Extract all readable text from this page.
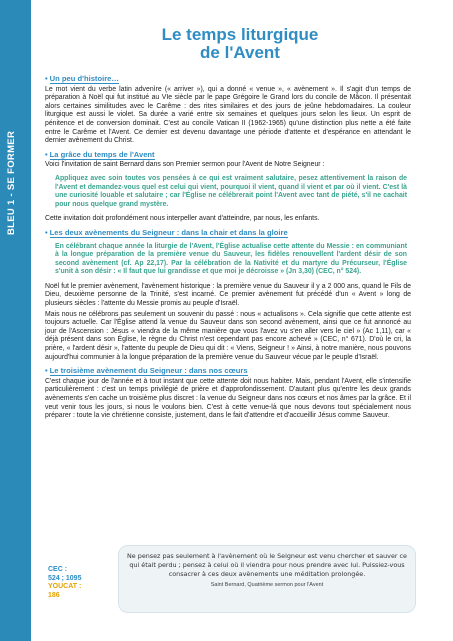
BLEU 1 - SE FORMER
68
Le temps liturgique
de l'Avent
• Un peu d'histoire…

Le mot vient du verbe latin advenìre (« arriver »), qui a donné « venue », « avènement ». Il s'agit d'un temps de préparation à Noël qui fut institué au VIe siècle par le pape Grégoire le Grand lors du concile de Mâcon. Il présentait alors certaines similitudes avec le Carême : des rites similaires et des jours de jeûne hebdomadaires. La couleur liturgique est aussi le violet. Sa durée a varié entre six semaines et quelques jours selon les lieux. Un esprit de pénitence et de conversion dominait. C'est au concile Vatican II (1962-1965) qu'une distinction plus nette a été faite entre le Carême et l'Avent. Ce dernier est devenu davantage une période d'attente et d'espérance en attendant le dernier avènement du Christ.

• La grâce du temps de l'Avent

Voici l'invitation de saint Bernard dans son Premier sermon pour l'Avent de Notre Seigneur :

Appliquez avec soin toutes vos pensées à ce qui est vraiment salutaire, pesez attentivement la raison de l'Avent et demandez-vous quel est celui qui vient, pourquoi il vient, quand il vient et par où il vient. C'est là une curiosité louable et salutaire ; car l'Église ne célébrerait point l'Avent avec tant de piété, s'il ne cachait pour nous quelque grand mystère.

Cette invitation doit profondément nous interpeller avant d'atteindre, par nous, les enfants.

• Les deux avènements du Seigneur : dans la chair et dans la gloire
En célébrant chaque année la liturgie de l'Avent, l'Église actualise cette attente du Messie : en communiant à la longue préparation de la première venue du Sauveur, les fidèles renouvellent l'ardent désir de son second avènement (cf. Ap 22,17). Par la célébration de la Nativité et du martyre du Précurseur, l'Église s'unit à son désir : « Il faut que lui grandisse et que moi je décroisse » (Jn 3,30) (CEC, n° 524).

Noël fut le premier avènement, l'avènement historique : la première venue du Sauveur il y a 2 000 ans, quand le Fils de Dieu, deuxième personne de la Trinité, s'est incarné. Ce premier avènement fut précédé d'un « Avent » long de plusieurs siècles : l'attente du Messie promis au peuple d'Israël.

Mais nous ne célébrons pas seulement un souvenir du passé : nous « actualisons ». Cela signifie que cette attente est toujours actuelle. Car l'Église attend la venue du Sauveur dans son second avènement, ainsi que ce fut annoncé au jour de l'Ascension : Jésus « viendra de la même manière que vous l'avez vu s'en aller vers le ciel » (Ac 1,11), car « déjà présent dans son Église, le règne du Christ n'est cependant pas encore achevé » (CEC, n° 671). D'où le cri, la prière, « l'ardent désir », l'attente du peuple de Dieu qui dit : « Viens, Seigneur ! » Ainsi, à notre manière, nous pouvons aujourd'hui communier à la longue préparation de la première venue du Sauveur vécue par le peuple d'Israël.

• Le troisième avènement du Seigneur : dans nos cœurs

C'est chaque jour de l'année et à tout instant que cette attente doit nous habiter. Mais, pendant l'Avent, elle s'intensifie particulièrement : c'est un temps privilégié de prière et d'approfondissement. D'autant plus qu'entre les deux grands avènements s'en cache un troisième plus discret : la venue du Seigneur dans nos cœurs et nos âmes par la grâce. Et il veut venir tous les jours, si nous le voulons bien. C'est à cette venue-là que nous devons tout spécialement nous préparer : toute la vie chrétienne consiste, justement, dans le fait d'attendre et d'accueillir Jésus comme Sauveur.

CEC :
524 ; 1095
YOUCAT :
186
Ne pensez pas seulement à l'avènement où le Seigneur est venu chercher et sauver ce qui était perdu ; pensez à celui où il viendra pour nous prendre avec lui. Puissiez-vous consacrer à ces deux avènements une méditation prolongée.
Saint Bernard, Quatrième sermon pour l'Avent
